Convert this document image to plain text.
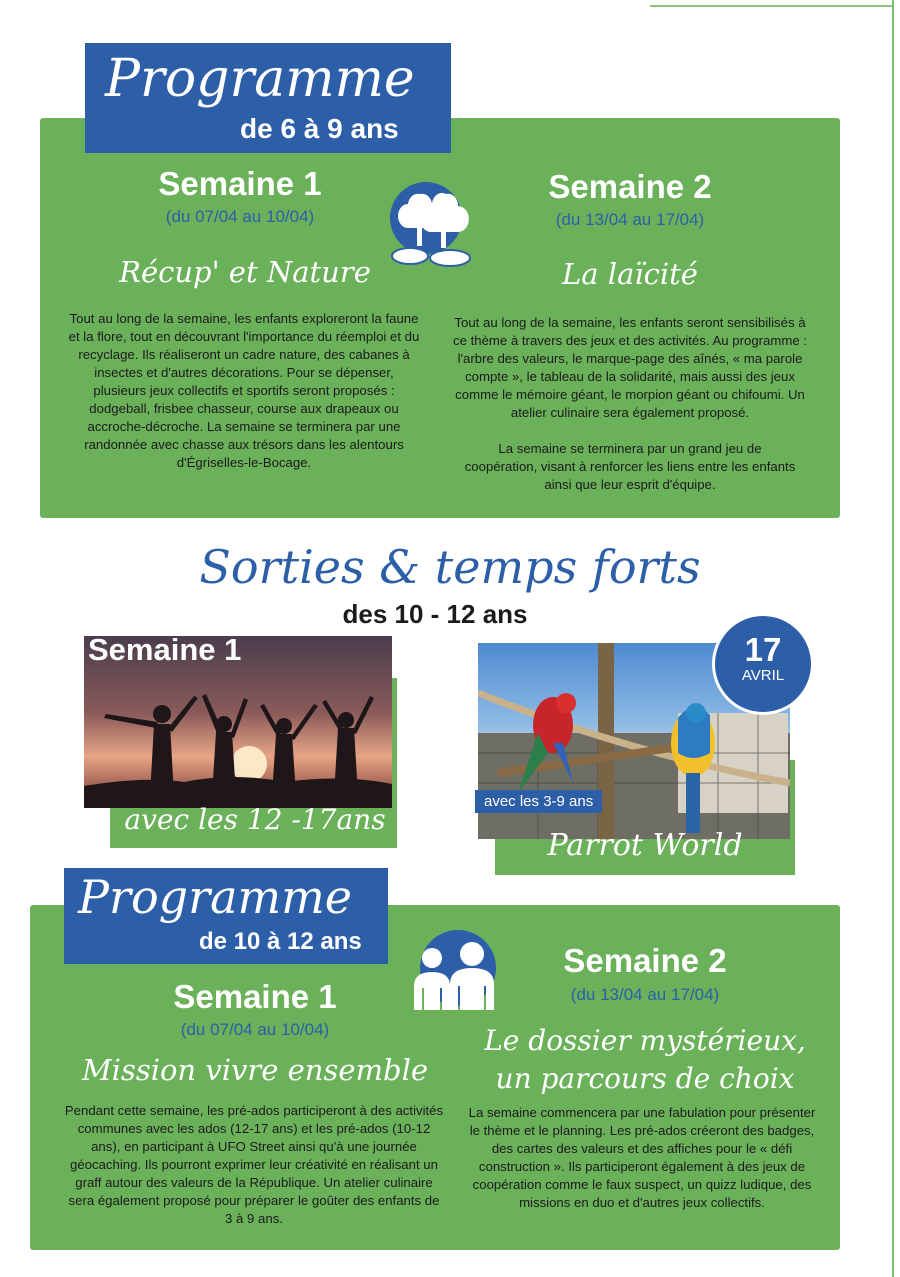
Programme
de 6 à 9 ans
Semaine 1
(du 07/04 au 10/04)
Récup' et Nature
Tout au long de la semaine, les enfants exploreront la faune et la flore, tout en découvrant l'importance du réemploi et du recyclage. Ils réaliseront un cadre nature, des cabanes à insectes et d'autres décorations. Pour se dépenser, plusieurs jeux collectifs et sportifs seront proposés : dodgeball, frisbee chasseur, course aux drapeaux ou accroche-décroche. La semaine se terminera par une randonnée avec chasse aux trésors dans les alentours d'Égriselles-le-Bocage.
Semaine 2
(du 13/04 au 17/04)
La laïcité
Tout au long de la semaine, les enfants seront sensibilisés à ce thème à travers des jeux et des activités. Au programme : l'arbre des valeurs, le marque-page des aînés, « ma parole compte », le tableau de la solidarité, mais aussi des jeux comme le mémoire géant, le morpion géant ou chifoumi. Un atelier culinaire sera également proposé.
La semaine se terminera par un grand jeu de coopération, visant à renforcer les liens entre les enfants ainsi que leur esprit d'équipe.
Sorties & temps forts
des 10 - 12 ans
Semaine 1
avec les 12 -17ans
17
AVRIL
avec les 3-9 ans
Parrot World
Programme
de 10 à 12 ans
Semaine 1
(du 07/04 au 10/04)
Mission vivre ensemble
Pendant cette semaine, les pré-ados participeront à des activités communes avec les ados (12-17 ans) et les pré-ados (10-12 ans), en participant à UFO Street ainsi qu'à une journée géocaching. Ils pourront exprimer leur créativité en réalisant un graff autour des valeurs de la République. Un atelier culinaire sera également proposé pour préparer le goûter des enfants de 3 à 9 ans.
Semaine 2
(du 13/04 au 17/04)
Le dossier mystérieux,
un parcours de choix
La semaine commencera par une fabulation pour présenter le thème et le planning. Les pré-ados créeront des badges, des cartes des valeurs et des affiches pour le « défi construction ». Ils participeront également à des jeux de coopération comme le faux suspect, un quizz ludique, des missions en duo et d'autres jeux collectifs.
